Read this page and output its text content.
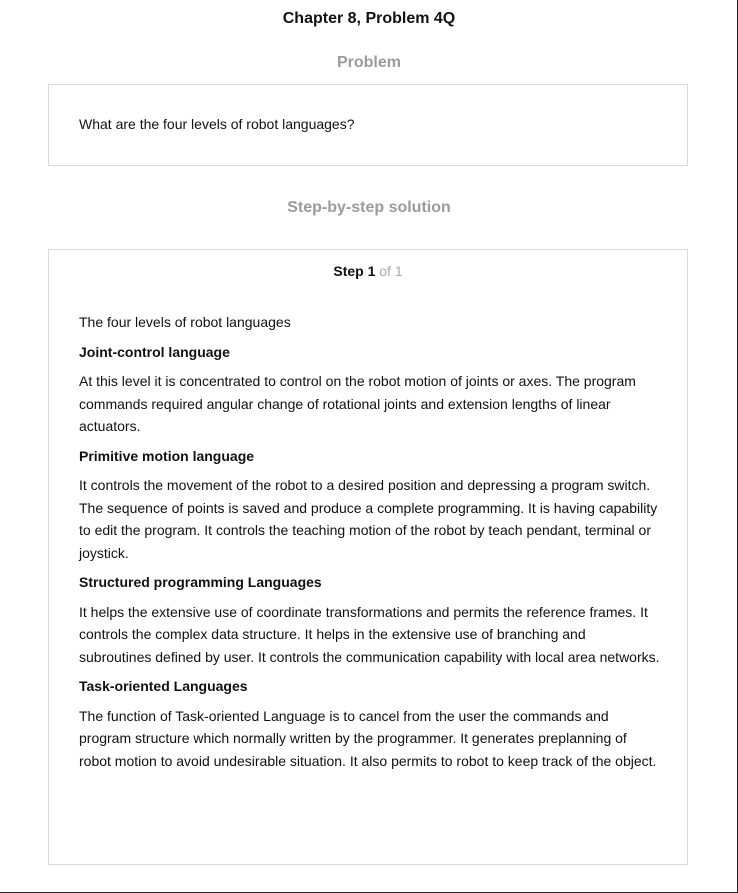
Chapter 8, Problem 4Q
Problem
What are the four levels of robot languages?
Step-by-step solution
Step 1 of 1

The four levels of robot languages

Joint-control language

At this level it is concentrated to control on the robot motion of joints or axes. The program commands required angular change of rotational joints and extension lengths of linear actuators.

Primitive motion language

It controls the movement of the robot to a desired position and depressing a program switch. The sequence of points is saved and produce a complete programming. It is having capability to edit the program. It controls the teaching motion of the robot by teach pendant, terminal or joystick.

Structured programming Languages

It helps the extensive use of coordinate transformations and permits the reference frames. It controls the complex data structure. It helps in the extensive use of branching and subroutines defined by user. It controls the communication capability with local area networks.

Task-oriented Languages

The function of Task-oriented Language is to cancel from the user the commands and program structure which normally written by the programmer. It generates preplanning of robot motion to avoid undesirable situation. It also permits to robot to keep track of the object.
